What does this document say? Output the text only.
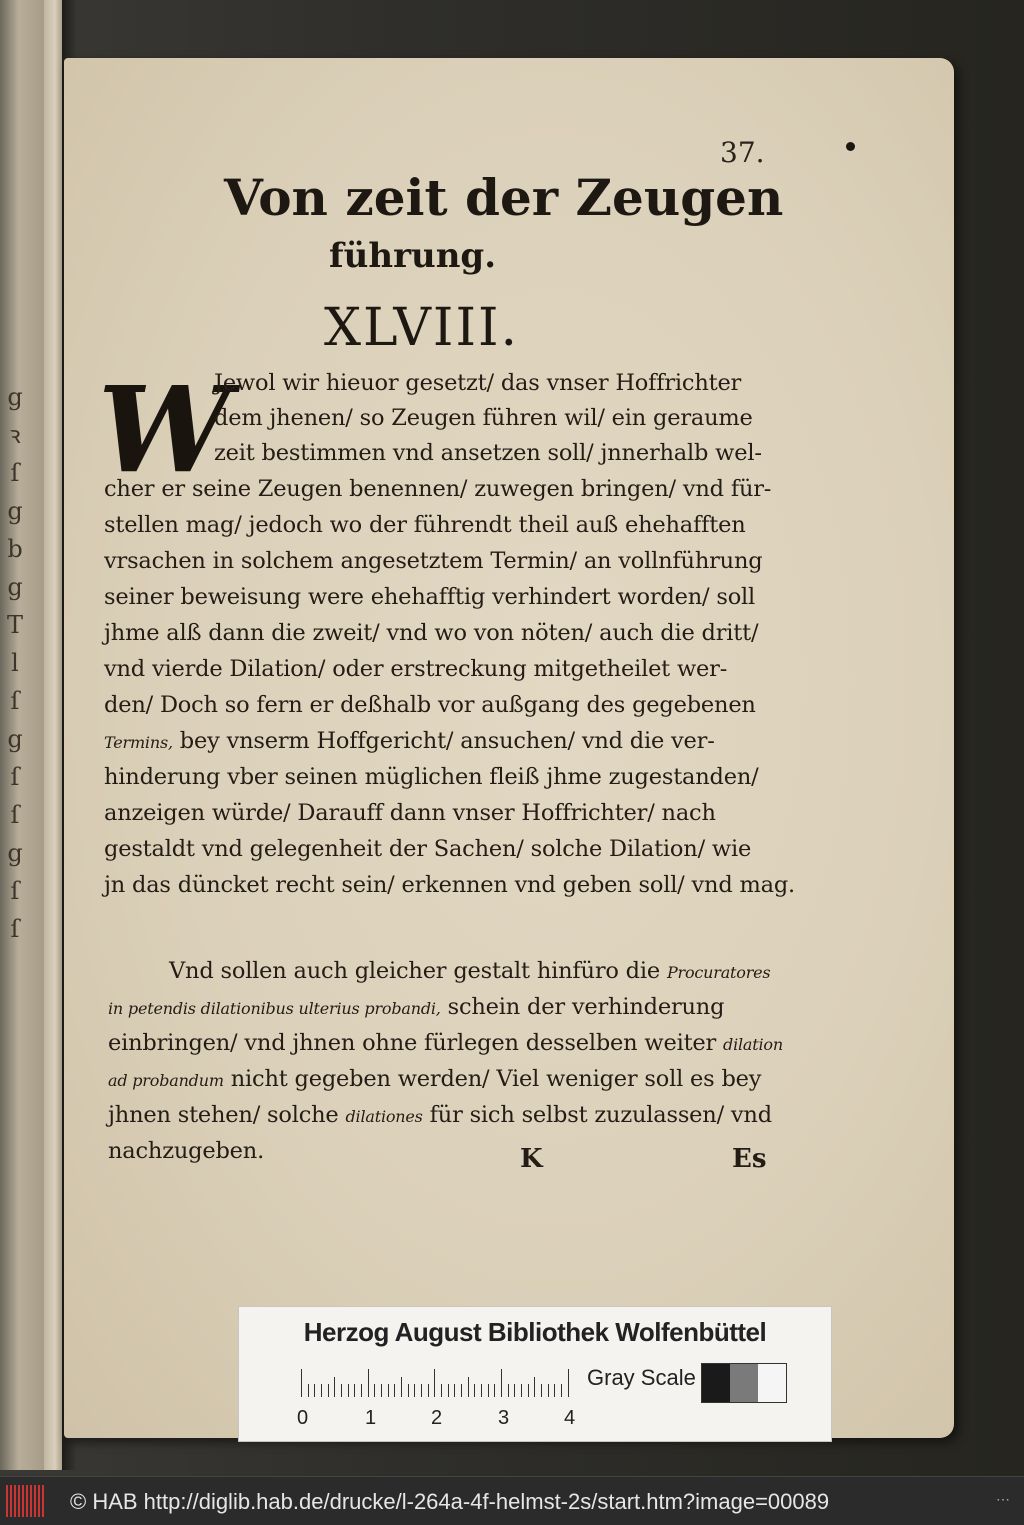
g
ꝛ
ſ
g
b
g
T
l
ſ
g
ſ
ſ
g
ſ
ſ
37.
Von zeit der Zeugen
führung.
XLVIII.
W
Jewol wir hieuor gesetzt/ das vnser Hoffrichter
dem jhenen/ so Zeugen führen wil/ ein geraume
zeit bestimmen vnd ansetzen soll/ jnnerhalb wel-
cher er seine Zeugen benennen/ zuwegen bringen/ vnd für-
stellen mag/ jedoch wo der führendt theil auß ehehafften
vrsachen in solchem angesetztem Termin/ an vollnführung
seiner beweisung were ehehafftig verhindert worden/ soll
jhme alß dann die zweit/ vnd wo von nöten/ auch die dritt/
vnd vierde Dilation/ oder erstreckung mitgetheilet wer-
den/ Doch so fern er deßhalb vor außgang des gegebenen
Termins, bey vnserm Hoffgericht/ ansuchen/ vnd die ver-
hinderung vber seinen müglichen fleiß jhme zugestanden/
anzeigen würde/ Darauff dann vnser Hoffrichter/ nach
gestaldt vnd gelegenheit der Sachen/ solche Dilation/ wie
jn das düncket recht sein/ erkennen vnd geben soll/ vnd mag.
Vnd sollen auch gleicher gestalt hinfüro die Procuratores
in petendis dilationibus ulterius probandi, schein der verhinderung
einbringen/ vnd jhnen ohne fürlegen desselben weiter dilation
ad probandum nicht gegeben werden/ Viel weniger soll es bey
jhnen stehen/ solche dilationes für sich selbst zuzulassen/ vnd
nachzugeben.	K	Es
Herzog August Bibliothek Wolfenbüttel
0	1	2	3	4
Gray Scale
© HAB http://diglib.hab.de/drucke/l-264a-4f-helmst-2s/start.htm?image=00089	⋯
